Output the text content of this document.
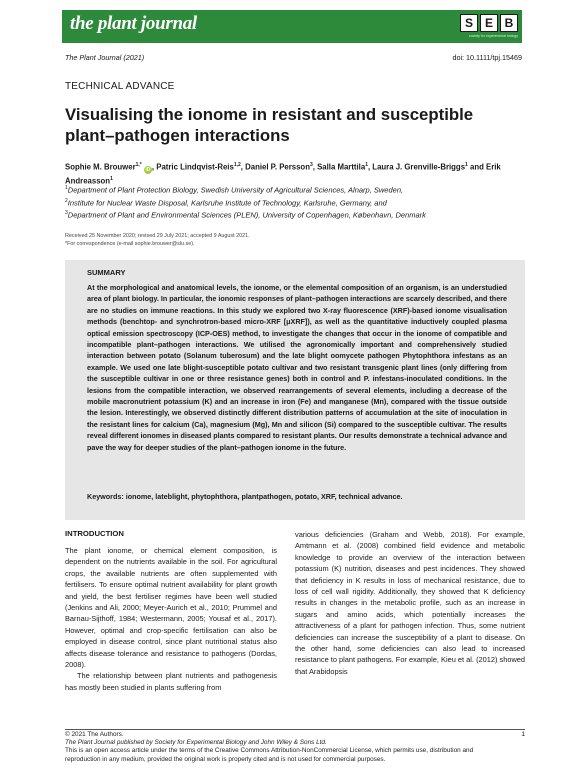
the plant journal	S E B
society for experimental biology
The Plant Journal (2021)	doi: 10.1111/tpj.15469
TECHNICAL ADVANCE
Visualising the ionome in resistant and susceptible plant–pathogen interactions
Sophie M. Brouwer$^{1,*}$ iD , Patric Lindqvist-Reis$^{1,2}$, Daniel P. Persson$^3$, Salla Marttila$^1$, Laura J. Grenville-Briggs$^1$ and Erik Andreasson$^1$
$^1$Department of Plant Protection Biology, Swedish University of Agricultural Sciences, Alnarp, Sweden,
$^2$Institute for Nuclear Waste Disposal, Karlsruhe Institute of Technology, Karlsruhe, Germany, and
$^3$Department of Plant and Environmental Sciences (PLEN), University of Copenhagen, København, Denmark
Received 25 November 2020; revised 29 July 2021; accepted 9 August 2021.
*For correspondence (e-mail sophie.brouwer@slu.se).
SUMMARY
At the morphological and anatomical levels, the ionome, or the elemental composition of an organism, is an understudied area of plant biology. In particular, the ionomic responses of plant–pathogen interactions are scarcely described, and there are no studies on immune reactions. In this study we explored two X-ray fluorescence (XRF)-based ionome visualisation methods (benchtop- and synchrotron-based micro-XRF [μXRF]), as well as the quantitative inductively coupled plasma optical emission spectroscopy (ICP-OES) method, to investigate the changes that occur in the ionome of compatible and incompatible plant–pathogen interactions. We utilised the agronomically important and comprehensively studied interaction between potato (Solanum tuberosum) and the late blight oomycete pathogen Phytophthora infestans as an example. We used one late blight-susceptible potato cultivar and two resistant transgenic plant lines (only differing from the susceptible cultivar in one or three resistance genes) both in control and P. infestans-inoculated conditions. In the lesions from the compatible interaction, we observed rearrangements of several elements, including a decrease of the mobile macronutrient potassium (K) and an increase in iron (Fe) and manganese (Mn), compared with the tissue outside the lesion. Interestingly, we observed distinctly different distribution patterns of accumulation at the site of inoculation in the resistant lines for calcium (Ca), magnesium (Mg), Mn and silicon (Si) compared to the susceptible cultivar. The results reveal different ionomes in diseased plants compared to resistant plants. Our results demonstrate a technical advance and pave the way for deeper studies of the plant–pathogen ionome in the future.
Keywords: ionome, lateblight, phytophthora, plantpathogen, potato, XRF, technical advance.
INTRODUCTION
The plant ionome, or chemical element composition, is dependent on the nutrients available in the soil. For agricultural crops, the available nutrients are often supplemented with fertilisers. To ensure optimal nutrient availability for plant growth and yield, the best fertiliser regimes have been well studied (Jenkins and Ali, 2000; Meyer-Aurich et al., 2010; Prummel and Barnau-Sijthoff, 1984; Westermann, 2005; Yousaf et al., 2017). However, optimal and crop-specific fertilisation can also be employed in disease control, since plant nutritional status also affects disease tolerance and resistance to pathogens (Dordas, 2008).
The relationship between plant nutrients and pathogenesis has mostly been studied in plants suffering from
various deficiencies (Graham and Webb, 2018). For example, Amtmann et al. (2008) combined field evidence and metabolic knowledge to provide an overview of the interaction between potassium (K) nutrition, diseases and pest incidences. They showed that deficiency in K results in loss of mechanical resistance, due to loss of cell wall rigidity. Additionally, they showed that K deficiency results in changes in the metabolic profile, such as an increase in sugars and amino acids, which potentially increases the attractiveness of a plant for pathogen infection. Thus, some nutrient deficiencies can increase the susceptibility of a plant to disease. On the other hand, some deficiencies can also lead to increased resistance to plant pathogens. For example, Kieu et al. (2012) showed that Arabidopsis
© 2021 The Authors.
The Plant Journal published by Society for Experimental Biology and John Wiley & Sons Ltd.
This is an open access article under the terms of the Creative Commons Attribution-NonCommercial License, which permits use, distribution and reproduction in any medium, provided the original work is properly cited and is not used for commercial purposes.
1
